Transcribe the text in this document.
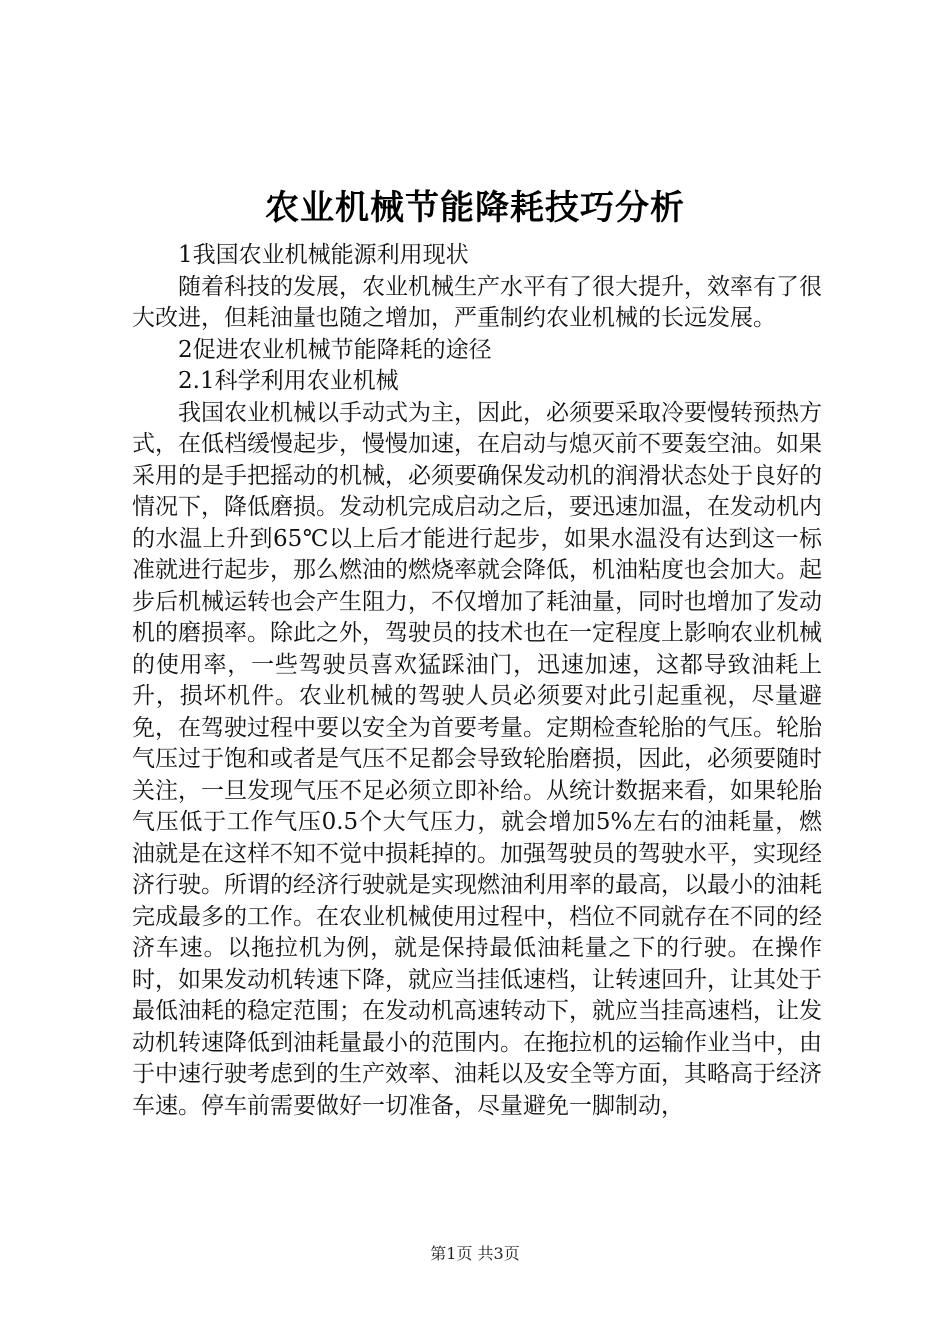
农业机械节能降耗技巧分析

1我国农业机械能源利用现状

随着科技的发展，农业机械生产水平有了很大提升，效率有了很大改进，但耗油量也随之增加，严重制约农业机械的长远发展。

2促进农业机械节能降耗的途径

2.1科学利用农业机械

我国农业机械以手动式为主，因此，必须要采取冷要慢转预热方式，在低档缓慢起步，慢慢加速，在启动与熄灭前不要轰空油。如果采用的是手把摇动的机械，必须要确保发动机的润滑状态处于良好的情况下，降低磨损。发动机完成启动之后，要迅速加温，在发动机内的水温上升到65℃以上后才能进行起步，如果水温没有达到这一标准就进行起步，那么燃油的燃烧率就会降低，机油粘度也会加大。起步后机械运转也会产生阻力，不仅增加了耗油量，同时也增加了发动机的磨损率。除此之外，驾驶员的技术也在一定程度上影响农业机械的使用率，一些驾驶员喜欢猛踩油门，迅速加速，这都导致油耗上升，损坏机件。农业机械的驾驶人员必须要对此引起重视，尽量避免，在驾驶过程中要以安全为首要考量。定期检查轮胎的气压。轮胎气压过于饱和或者是气压不足都会导致轮胎磨损，因此，必须要随时关注，一旦发现气压不足必须立即补给。从统计数据来看，如果轮胎气压低于工作气压0.5个大气压力，就会增加5%左右的油耗量，燃油就是在这样不知不觉中损耗掉的。加强驾驶员的驾驶水平，实现经济行驶。所谓的经济行驶就是实现燃油利用率的最高，以最小的油耗完成最多的工作。在农业机械使用过程中，档位不同就存在不同的经济车速。以拖拉机为例，就是保持最低油耗量之下的行驶。在操作时，如果发动机转速下降，就应当挂低速档，让转速回升，让其处于最低油耗的稳定范围；在发动机高速转动下，就应当挂高速档，让发动机转速降低到油耗量最小的范围内。在拖拉机的运输作业当中，由于中速行驶考虑到的生产效率、油耗以及安全等方面，其略高于经济车速。停车前需要做好一切准备，尽量避免一脚制动，

第1页 共3页
